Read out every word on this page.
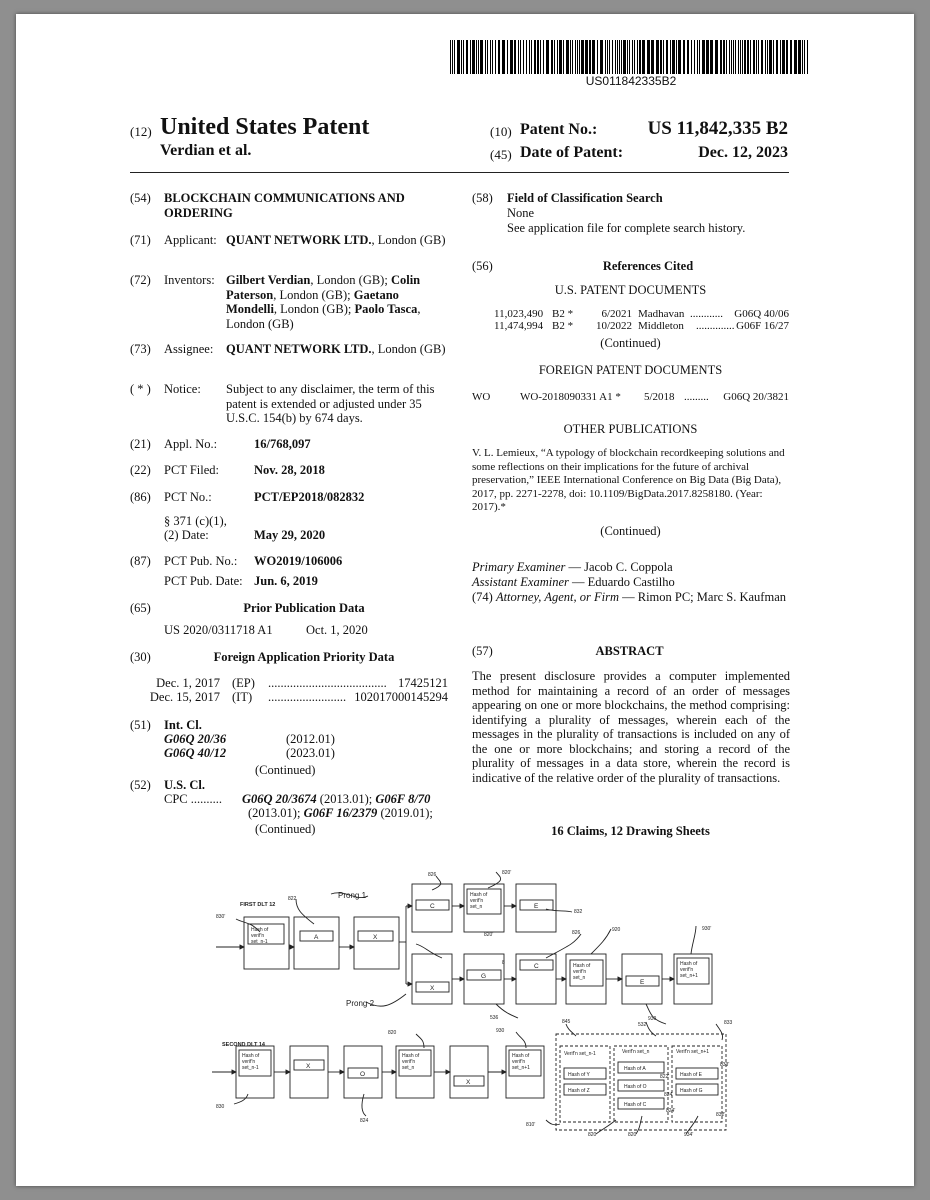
US011842335B2
(12) United States Patent
Verdian et al.
(10) Patent No.:	US 11,842,335 B2
(45) Date of Patent:	Dec. 12, 2023
(54) BLOCKCHAIN COMMUNICATIONS AND ORDERING
(71) Applicant: QUANT NETWORK LTD., London (GB)
(72) Inventors: Gilbert Verdian, London (GB); Colin Paterson, London (GB); Gaetano Mondelli, London (GB); Paolo Tasca, London (GB)
(73) Assignee: QUANT NETWORK LTD., London (GB)
( * ) Notice: Subject to any disclaimer, the term of this patent is extended or adjusted under 35 U.S.C. 154(b) by 674 days.
(21) Appl. No.:	16/768,097
(22) PCT Filed:	Nov. 28, 2018
(86) PCT No.:	PCT/EP2018/082832
§ 371 (c)(1),
(2) Date:	May 29, 2020
(87) PCT Pub. No.: WO2019/106006
PCT Pub. Date: Jun. 6, 2019
(65)	Prior Publication Data
US 2020/0311718 A1	Oct. 1, 2020
(30)	Foreign Application Priority Data
Dec. 1, 2017 (EP) ...................................... 17425121
Dec. 15, 2017 (IT) ......................... 102017000145294
(51) Int. Cl.
G06Q 20/36	(2012.01)
G06Q 40/12	(2023.01)
(Continued)
(52) U.S. Cl.
CPC .......... G06Q 20/3674 (2013.01); G06F 8/70
(2013.01); G06F 16/2379 (2019.01);
(Continued)
(58) Field of Classification Search
None
See application file for complete search history.
(56)	References Cited
U.S. PATENT DOCUMENTS
11,023,490 B2 *	6/2021 Madhavan ............ G06Q 40/06
11,474,994 B2 *	10/2022 Middleton .............. G06F 16/27
(Continued)
FOREIGN PATENT DOCUMENTS
WO	WO-2018090331 A1 * 5/2018 ......... G06Q 20/3821
OTHER PUBLICATIONS
V. L. Lemieux, “A typology of blockchain recordkeeping solutions and some reflections on their implications for the future of archival preservation,” IEEE International Conference on Big Data (Big Data), 2017, pp. 2271-2278, doi: 10.1109/BigData.2017.8258180. (Year: 2017).*
(Continued)
Primary Examiner — Jacob C. Coppola
Assistant Examiner — Eduardo Castilho
(74) Attorney, Agent, or Firm — Rimon PC; Marc S. Kaufman
(57)	ABSTRACT
The present disclosure provides a computer implemented method for maintaining a record of an order of messages appearing on one or more blockchains, the method comprising: identifying a plurality of messages, wherein each of the messages in the plurality of transactions is included on any of the one or more blockchains; and storing a record of the plurality of messages in a data store, wherein the record is indicative of the relative order of the plurality of transactions.
16 Claims, 12 Drawing Sheets
FIRST DLT 12
Prong 1
Prong 2
SECOND DLT 14
Hash of
verif'n
set_n-1
A	X
C
Hash of
verif'n
set_n	E
X
G
C	Hash of
verif'n
set_n
E
Hash of
verif'n
set_n+1
Hash of
verif'n
set_n-1	X
O
Hash of
verif'n
set_n
X
Hash of
verif'n
set_n+1
Verif'n set_n-1	Verif'n set_n	Verif'n set_n+1
Hash of Y
Hash of Z
Hash of A
Hash of O
Hash of C
Hash of E
Hash of G
822
830'
826	820'
832
820'	826	920	930'
8
536
532
820	930
845	930
833
830
824
822'
824
824'
833'
810'
820	820'	934'
832'
